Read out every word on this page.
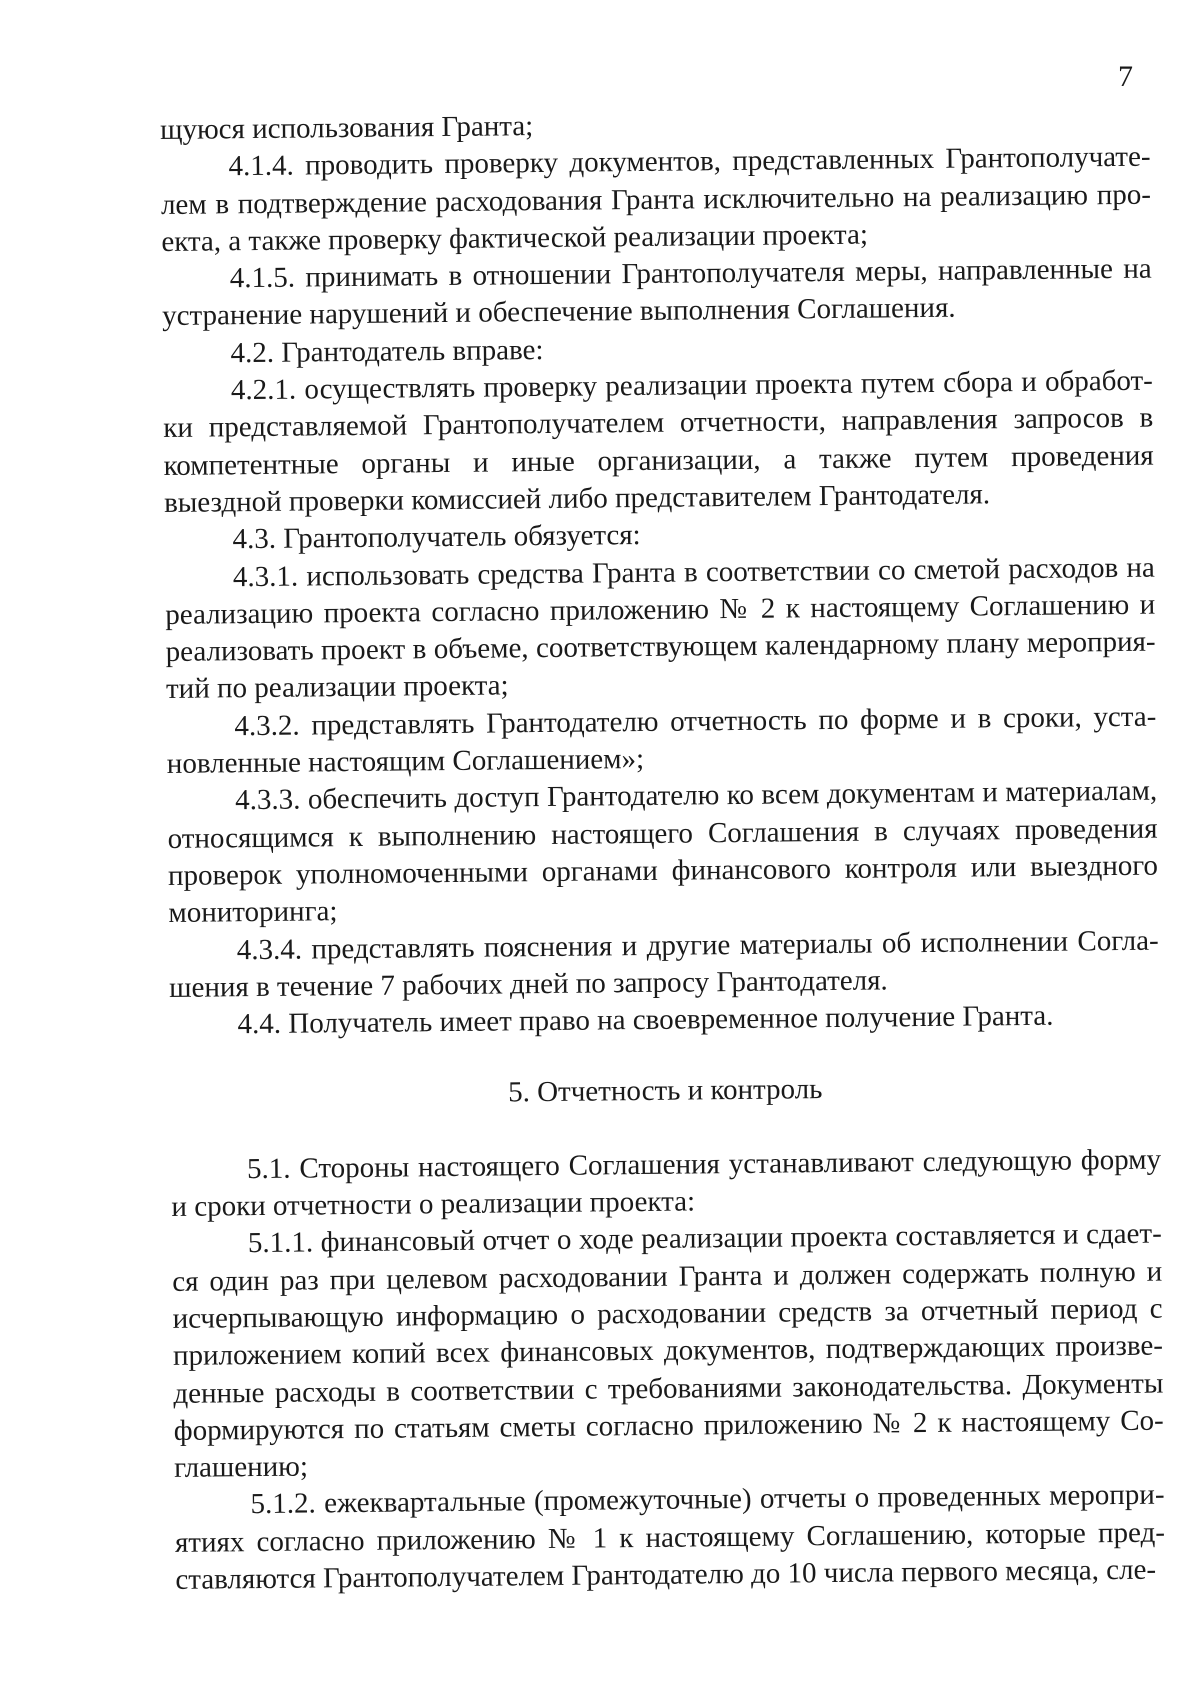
7

щуюся использования Гранта;

4.1.4. проводить проверку документов, представленных Грантополучателем в подтверждение расходования Гранта исключительно на реализацию проекта, а также проверку фактической реализации проекта;

4.1.5. принимать в отношении Грантополучателя меры, направленные на устранение нарушений и обеспечение выполнения Соглашения.

4.2. Грантодатель вправе:

4.2.1. осуществлять проверку реализации проекта путем сбора и обработки представляемой Грантополучателем отчетности, направления запросов в компетентные органы и иные организации, а также путем проведения выездной проверки комиссией либо представителем Грантодателя.

4.3. Грантополучатель обязуется:

4.3.1. использовать средства Гранта в соответствии со сметой расходов на реализацию проекта согласно приложению № 2 к настоящему Соглашению и реализовать проект в объеме, соответствующем календарному плану мероприятий по реализации проекта;

4.3.2. представлять Грантодателю отчетность по форме и в сроки, установленные настоящим Соглашением»;

4.3.3. обеспечить доступ Грантодателю ко всем документам и материалам, относящимся к выполнению настоящего Соглашения в случаях проведения проверок уполномоченными органами финансового контроля или выездного мониторинга;

4.3.4. представлять пояснения и другие материалы об исполнении Соглашения в течение 7 рабочих дней по запросу Грантодателя.

4.4. Получатель имеет право на своевременное получение Гранта.

5. Отчетность и контроль

5.1. Стороны настоящего Соглашения устанавливают следующую форму и сроки отчетности о реализации проекта:

5.1.1. финансовый отчет о ходе реализации проекта составляется и сдается один раз при целевом расходовании Гранта и должен содержать полную и исчерпывающую информацию о расходовании средств за отчетный период с приложением копий всех финансовых документов, подтверждающих произведенные расходы в соответствии с требованиями законодательства. Документы формируются по статьям сметы согласно приложению № 2 к настоящему Соглашению;

5.1.2. ежеквартальные (промежуточные) отчеты о проведенных мероприятиях согласно приложению № 1 к настоящему Соглашению, которые представляются Грантополучателем Грантодателю до 10 числа первого месяца, сле-
